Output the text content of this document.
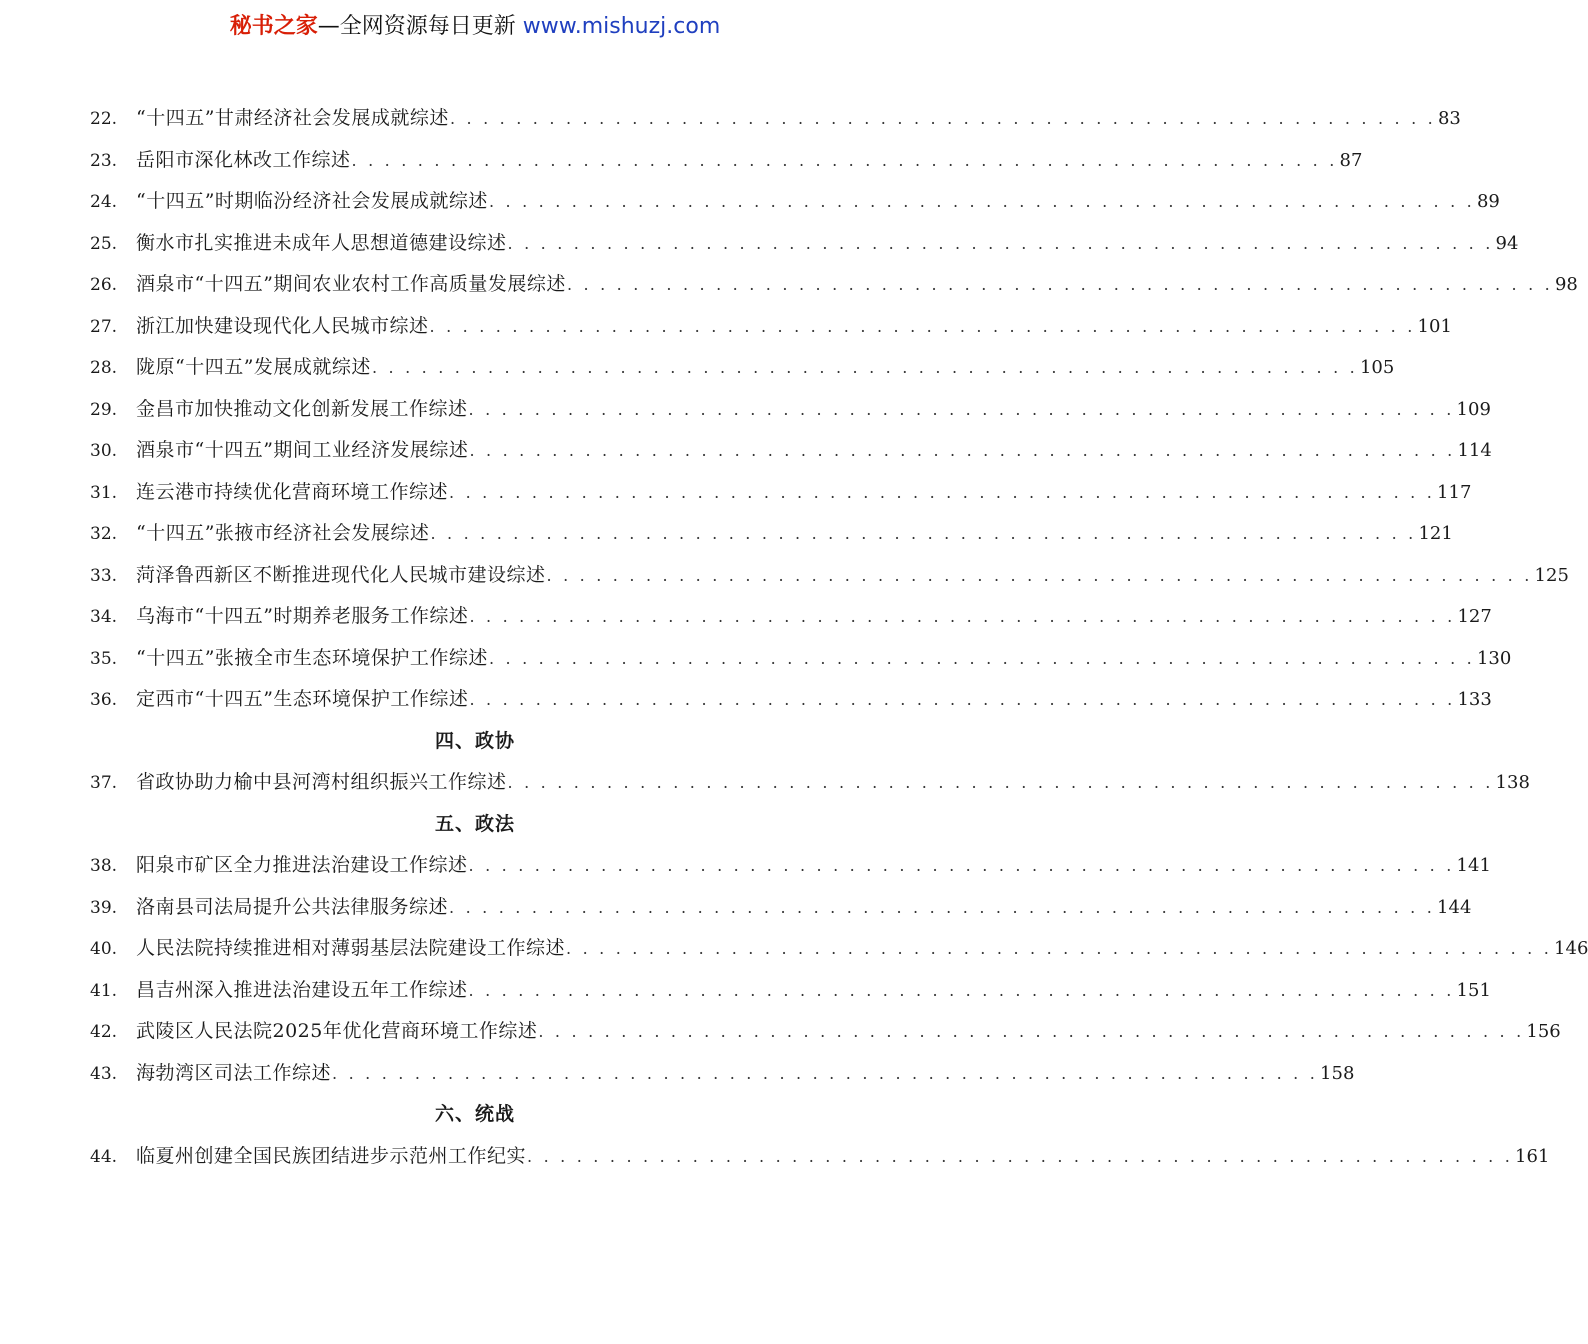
秘书之家—全网资源每日更新 www.mishuzj.com
22. “十四五”甘肃经济社会发展成就综述 . . . . . . . . . . . . . . . . . . . . . . . . . . . . . . . . . . . . . . . . . . . . . . . . . . . . . . . . . . . . 83
23. 岳阳市深化林改工作综述 . . . . . . . . . . . . . . . . . . . . . . . . . . . . . . . . . . . . . . . . . . . . . . . . . . . . . . . . . . . . 87
24. “十四五”时期临汾经济社会发展成就综述 . . . . . . . . . . . . . . . . . . . . . . . . . . . . . . . . . . . . . . . . . . . . . . . . . . . . . . . . . . . . 89
25. 衡水市扎实推进未成年人思想道德建设综述 . . . . . . . . . . . . . . . . . . . . . . . . . . . . . . . . . . . . . . . . . . . . . . . . . . . . . . . . . . . . 94
26. 酒泉市“十四五”期间农业农村工作高质量发展综述 . . . . . . . . . . . . . . . . . . . . . . . . . . . . . . . . . . . . . . . . . . . . . . . . . . . . . . . . . . . . 98
27. 浙江加快建设现代化人民城市综述 . . . . . . . . . . . . . . . . . . . . . . . . . . . . . . . . . . . . . . . . . . . . . . . . . . . . . . . . . . . . 101
28. 陇原“十四五”发展成就综述 . . . . . . . . . . . . . . . . . . . . . . . . . . . . . . . . . . . . . . . . . . . . . . . . . . . . . . . . . . . . 105
29. 金昌市加快推动文化创新发展工作综述 . . . . . . . . . . . . . . . . . . . . . . . . . . . . . . . . . . . . . . . . . . . . . . . . . . . . . . . . . . . . 109
30. 酒泉市“十四五”期间工业经济发展综述 . . . . . . . . . . . . . . . . . . . . . . . . . . . . . . . . . . . . . . . . . . . . . . . . . . . . . . . . . . . . 114
31. 连云港市持续优化营商环境工作综述 . . . . . . . . . . . . . . . . . . . . . . . . . . . . . . . . . . . . . . . . . . . . . . . . . . . . . . . . . . . . 117
32. “十四五”张掖市经济社会发展综述 . . . . . . . . . . . . . . . . . . . . . . . . . . . . . . . . . . . . . . . . . . . . . . . . . . . . . . . . . . . . 121
33. 菏泽鲁西新区不断推进现代化人民城市建设综述 . . . . . . . . . . . . . . . . . . . . . . . . . . . . . . . . . . . . . . . . . . . . . . . . . . . . . . . . . . . . 125
34. 乌海市“十四五”时期养老服务工作综述 . . . . . . . . . . . . . . . . . . . . . . . . . . . . . . . . . . . . . . . . . . . . . . . . . . . . . . . . . . . . 127
35. “十四五”张掖全市生态环境保护工作综述 . . . . . . . . . . . . . . . . . . . . . . . . . . . . . . . . . . . . . . . . . . . . . . . . . . . . . . . . . . . . 130
36. 定西市“十四五”生态环境保护工作综述 . . . . . . . . . . . . . . . . . . . . . . . . . . . . . . . . . . . . . . . . . . . . . . . . . . . . . . . . . . . . 133
四、政协
37. 省政协助力榆中县河湾村组织振兴工作综述 . . . . . . . . . . . . . . . . . . . . . . . . . . . . . . . . . . . . . . . . . . . . . . . . . . . . . . . . . . . . 138
五、政法
38. 阳泉市矿区全力推进法治建设工作综述 . . . . . . . . . . . . . . . . . . . . . . . . . . . . . . . . . . . . . . . . . . . . . . . . . . . . . . . . . . . . 141
39. 洛南县司法局提升公共法律服务综述 . . . . . . . . . . . . . . . . . . . . . . . . . . . . . . . . . . . . . . . . . . . . . . . . . . . . . . . . . . . . 144
40. 人民法院持续推进相对薄弱基层法院建设工作综述 . . . . . . . . . . . . . . . . . . . . . . . . . . . . . . . . . . . . . . . . . . . . . . . . . . . . . . . . . . . . 146
41. 昌吉州深入推进法治建设五年工作综述 . . . . . . . . . . . . . . . . . . . . . . . . . . . . . . . . . . . . . . . . . . . . . . . . . . . . . . . . . . . . 151
42. 武陵区人民法院2025年优化营商环境工作综述 . . . . . . . . . . . . . . . . . . . . . . . . . . . . . . . . . . . . . . . . . . . . . . . . . . . . . . . . . . . . 156
43. 海勃湾区司法工作综述 . . . . . . . . . . . . . . . . . . . . . . . . . . . . . . . . . . . . . . . . . . . . . . . . . . . . . . . . . . . . 158
六、统战
44. 临夏州创建全国民族团结进步示范州工作纪实 . . . . . . . . . . . . . . . . . . . . . . . . . . . . . . . . . . . . . . . . . . . . . . . . . . . . . . . . . . . . 161
